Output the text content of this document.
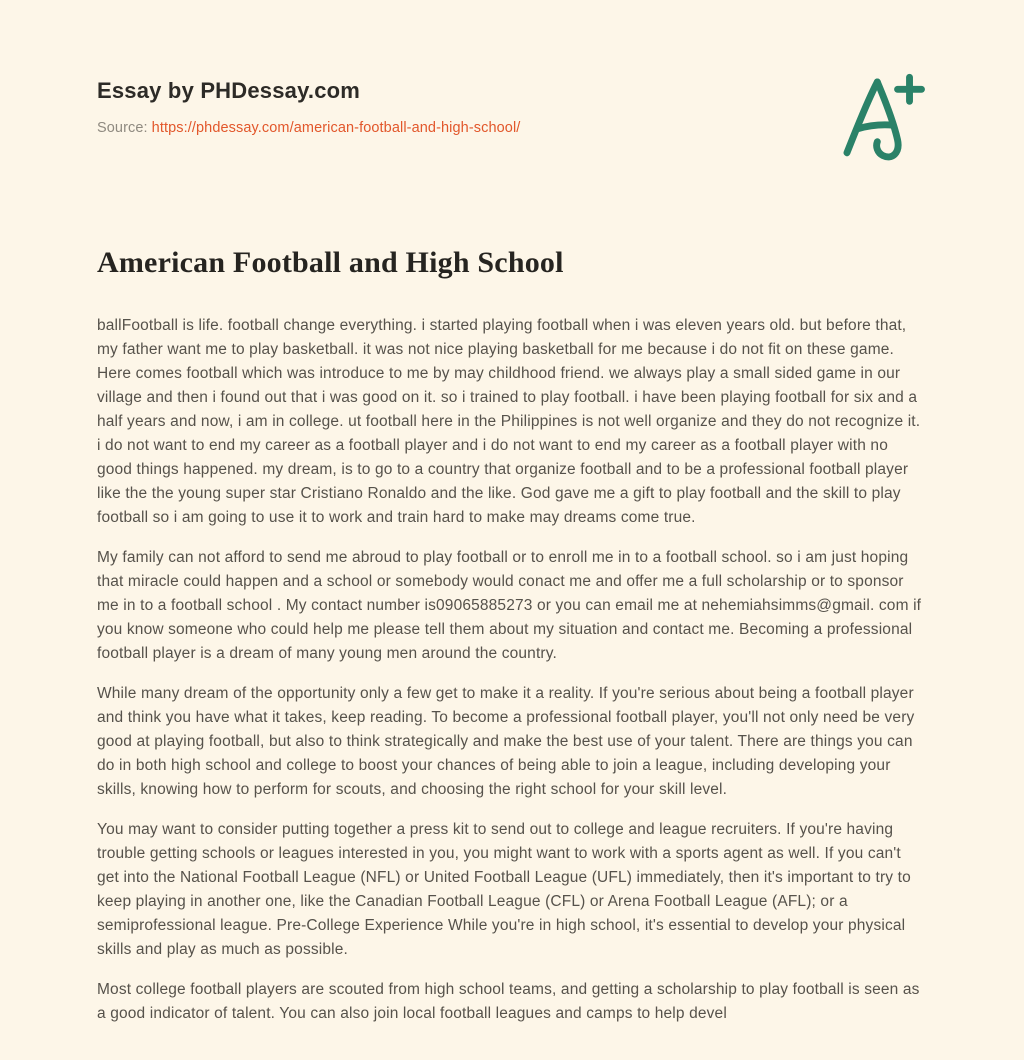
Essay by PHDessay.com
Source: https://phdessay.com/american-football-and-high-school/
American Football and High School

ballFootball is life. football change everything. i started playing football when i was eleven years old. but before that, my father want me to play basketball. it was not nice playing basketball for me because i do not fit on these game. Here comes football which was introduce to me by may childhood friend. we always play a small sided game in our village and then i found out that i was good on it. so i trained to play football. i have been playing football for six and a half years and now, i am in college. ut football here in the Philippines is not well organize and they do not recognize it. i do not want to end my career as a football player and i do not want to end my career as a football player with no good things happened. my dream, is to go to a country that organize football and to be a professional football player like the the young super star Cristiano Ronaldo and the like. God gave me a gift to play football and the skill to play football so i am going to use it to work and train hard to make may dreams come true.

My family can not afford to send me abroud to play football or to enroll me in to a football school. so i am just hoping that miracle could happen and a school or somebody would conact me and offer me a full scholarship or to sponsor me in to a football school . My contact number is09065885273 or you can email me at nehemiahsimms@gmail. com if you know someone who could help me please tell them about my situation and contact me. Becoming a professional football player is a dream of many young men around the country.

While many dream of the opportunity only a few get to make it a reality. If you're serious about being a football player and think you have what it takes, keep reading. To become a professional football player, you'll not only need be very good at playing football, but also to think strategically and make the best use of your talent. There are things you can do in both high school and college to boost your chances of being able to join a league, including developing your skills, knowing how to perform for scouts, and choosing the right school for your skill level.

You may want to consider putting together a press kit to send out to college and league recruiters. If you're having trouble getting schools or leagues interested in you, you might want to work with a sports agent as well. If you can't get into the National Football League (NFL) or United Football League (UFL) immediately, then it's important to try to keep playing in another one, like the Canadian Football League (CFL) or Arena Football League (AFL); or a semiprofessional league. Pre-College Experience While you're in high school, it's essential to develop your physical skills and play as much as possible.

Most college football players are scouted from high school teams, and getting a scholarship to play football is seen as a good indicator of talent. You can also join local football leagues and camps to help devel
